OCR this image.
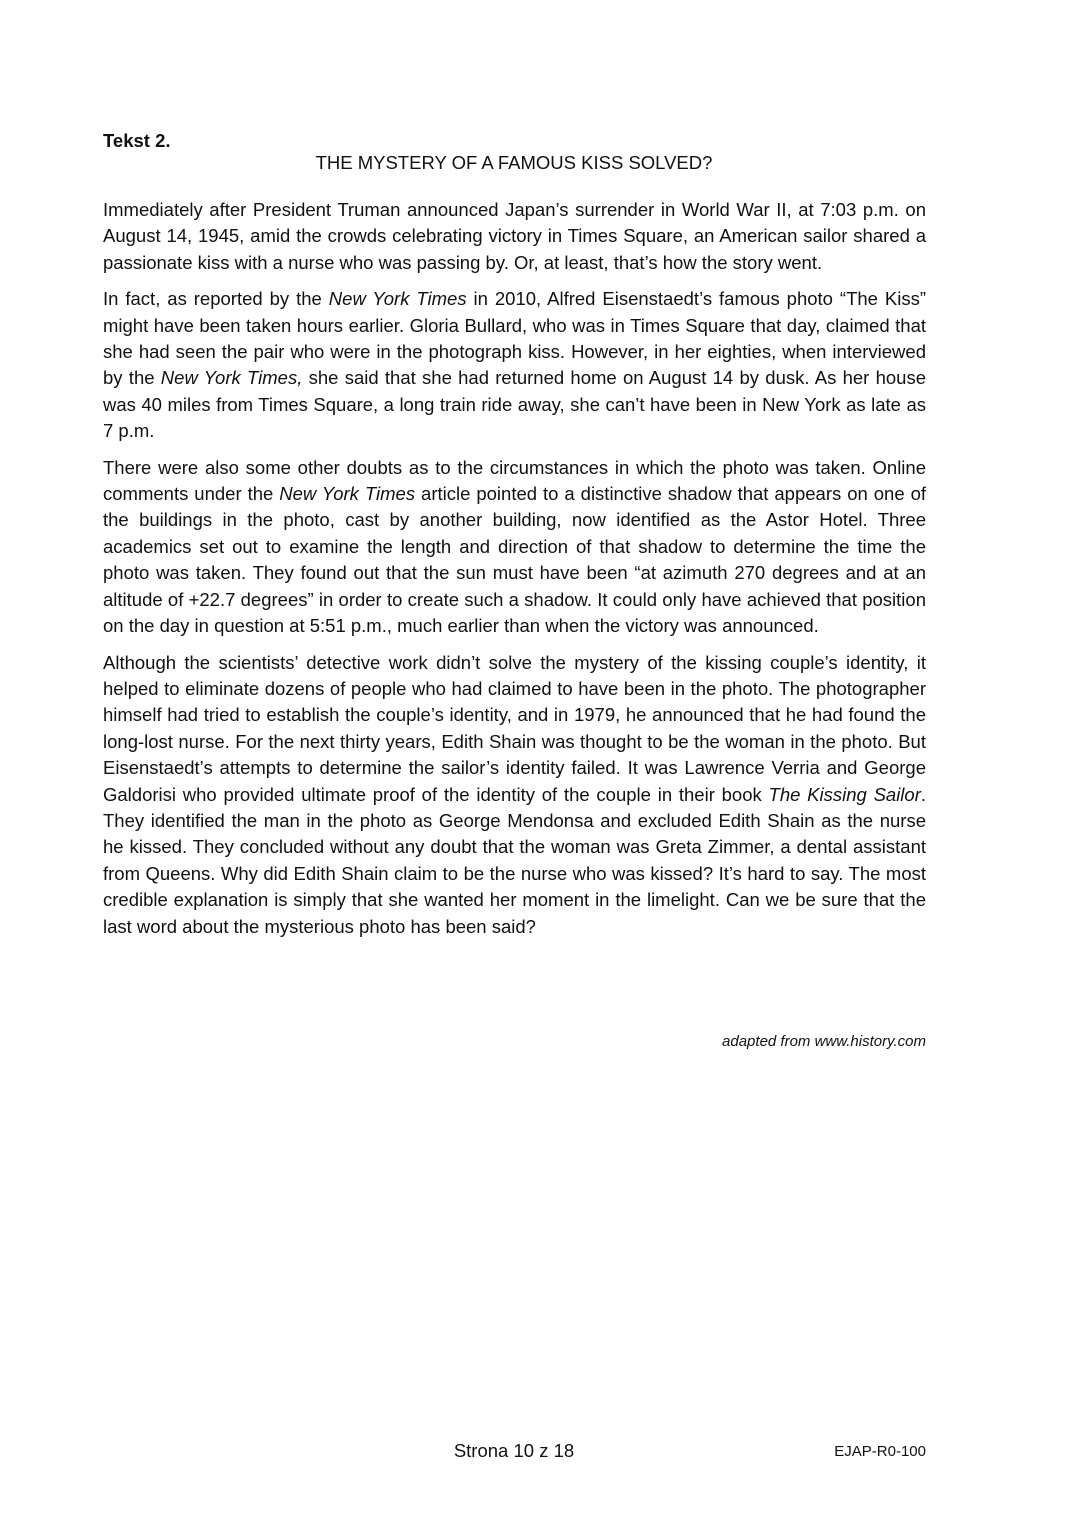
Tekst 2.

THE MYSTERY OF A FAMOUS KISS SOLVED?

Immediately after President Truman announced Japan’s surrender in World War II, at 7:03 p.m. on August 14, 1945, amid the crowds celebrating victory in Times Square, an American sailor shared a passionate kiss with a nurse who was passing by. Or, at least, that’s how the story went.

In fact, as reported by the New York Times in 2010, Alfred Eisenstaedt’s famous photo “The Kiss” might have been taken hours earlier. Gloria Bullard, who was in Times Square that day, claimed that she had seen the pair who were in the photograph kiss. However, in her eighties, when interviewed by the New York Times, she said that she had returned home on August 14 by dusk. As her house was 40 miles from Times Square, a long train ride away, she can’t have been in New York as late as 7 p.m.

There were also some other doubts as to the circumstances in which the photo was taken. Online comments under the New York Times article pointed to a distinctive shadow that appears on one of the buildings in the photo, cast by another building, now identified as the Astor Hotel. Three academics set out to examine the length and direction of that shadow to determine the time the photo was taken. They found out that the sun must have been “at azimuth 270 degrees and at an altitude of +22.7 degrees” in order to create such a shadow. It could only have achieved that position on the day in question at 5:51 p.m., much earlier than when the victory was announced.

Although the scientists’ detective work didn’t solve the mystery of the kissing couple’s identity, it helped to eliminate dozens of people who had claimed to have been in the photo. The photographer himself had tried to establish the couple’s identity, and in 1979, he announced that he had found the long-lost nurse. For the next thirty years, Edith Shain was thought to be the woman in the photo. But Eisenstaedt’s attempts to determine the sailor’s identity failed. It was Lawrence Verria and George Galdorisi who provided ultimate proof of the identity of the couple in their book The Kissing Sailor. They identified the man in the photo as George Mendonsa and excluded Edith Shain as the nurse he kissed. They concluded without any doubt that the woman was Greta Zimmer, a dental assistant from Queens. Why did Edith Shain claim to be the nurse who was kissed? It’s hard to say. The most credible explanation is simply that she wanted her moment in the limelight. Can we be sure that the last word about the mysterious photo has been said?

adapted from www.history.com

Strona 10 z 18	EJAP-R0-100
